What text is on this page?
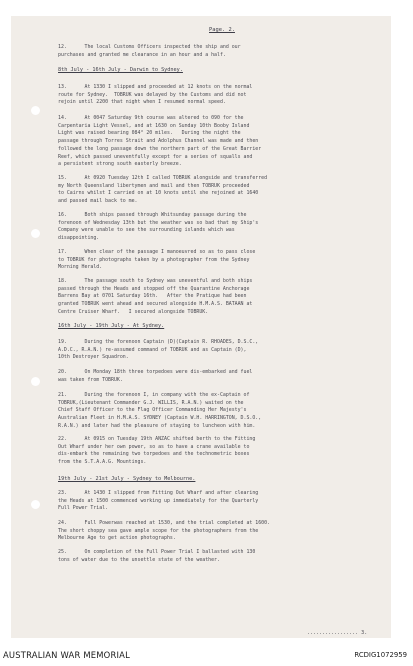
Page. 2.

12.      The local Customs Officers inspected the ship and our
purchases and granted me clearance in an hour and a half.

8th July - 16th July - Darwin to Sydney.

13.      At 1330 I slipped and proceeded at 12 knots on the normal
route for Sydney.  TOBRUK was delayed by the Customs and did not
rejoin until 2200 that night when I resumed normal speed.

14.      At 0047 Saturday 9th course was altered to 090 for the
Carpentaria Light Vessel, and at 1630 on Sunday 10th Booby Island
Light was raised bearing 084° 20 miles.   During the night the
passage through Torres Strait and Adolphus Channel was made and then
followed the long passage down the northern part of the Great Barrier
Reef, which passed uneventfully except for a series of squalls and
a persistent strong south easterly breeze.

15.      At 0920 Tuesday 12th I called TOBRUK alongside and transferred
my North Queensland libertymen and mail and then TOBRUK proceeded
to Cairns whilst I carried on at 10 knots until she rejoined at 1640
and passed mail back to me.

16.      Both ships passed through Whitsunday passage during the
forenoon of Wednesday 13th but the weather was so bad that my Ship's
Company were unable to see the surrounding islands which was
disappointing.

17.      When clear of the passage I manoeuvred so as to pass close
to TOBRUK for photographs taken by a photographer from the Sydney
Morning Herald.

18.      The passage south to Sydney was uneventful and both ships
passed through the Heads and stopped off the Quarantine Anchorage
Barrens Bay at 0701 Saturday 16th.   After the Pratique had been
granted TOBRUK went ahead and secured alongside H.M.A.S. BATAAN at
Centre Cruiser Wharf.   I secured alongside TOBRUK.

16th July - 19th July - At Sydney.

19.      During the forenoon Captain (D)(Captain R. RHOADES, D.S.C.,
A.D.C., R.A.N.) re-assumed command of TOBRUK and as Captain (D),
10th Destroyer Squadron.

20.      On Monday 18th three torpedoes were dis-embarked and fuel
was taken from TOBRUK.

21.      During the forenoon I, in company with the ex-Captain of
TOBRUK,(Lieutenant Commander G.J. WILLIS, R.A.N.) waited on the
Chief Staff Officer to the Flag Officer Commanding Her Majesty's
Australian Fleet in H.M.A.S. SYDNEY (Captain W.H. HARRINGTON, D.S.O.,
R.A.N.) and later had the pleasure of staying to luncheon with him.

22.      At 0915 on Tuesday 19th ANZAC shifted berth to the Fitting
Out Wharf under her own power, so as to have a crane available to
dis-embark the remaining two torpedoes and the technometric boxes
from the S.T.A.A.G. Mountings.

19th July - 21st July - Sydney to Melbourne.

23.      At 1430 I slipped from Fitting Out Wharf and after clearing
the Heads at 1500 commenced working up immediately for the Quarterly
Full Power Trial.

24.      Full Powerwas reached at 1530, and the trial completed at 1600.
The short choppy sea gave ample scope for the photographers from the
Melbourne Age to get action photographs.

25.      On completion of the Full Power Trial I ballasted with 130
tons of water due to the unsettle state of the weather.

................. 3.

AUSTRALIAN WAR MEMORIAL	RCDIG1072959
